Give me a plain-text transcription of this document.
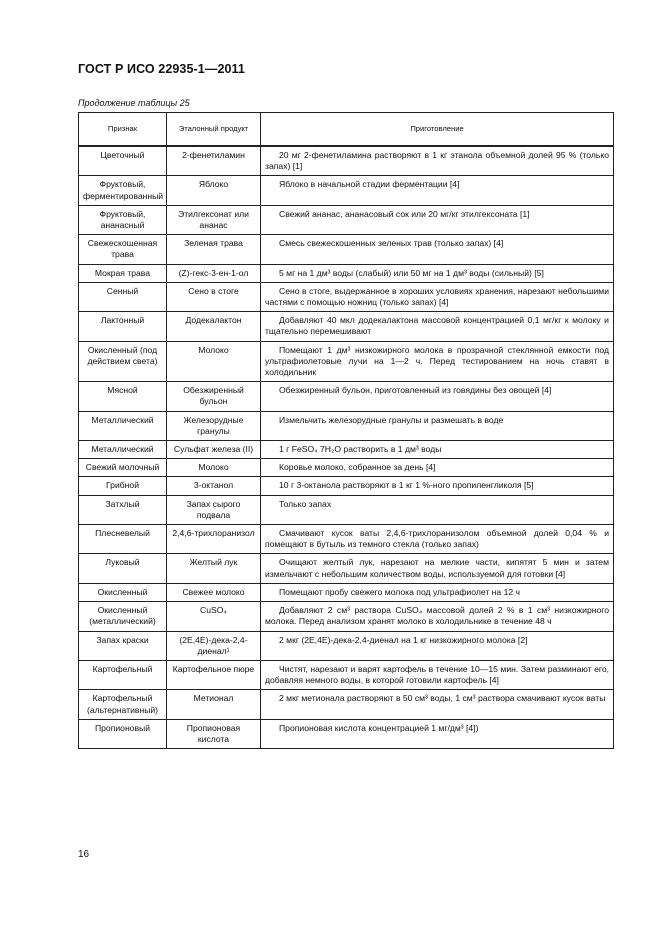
ГОСТ Р ИСО 22935-1—2011
Продолжение таблицы 25
Признак	Эталонный продукт	Приготовление
Цветочный	2-фенетиламин	20 мг 2-фенетиламина растворяют в 1 кг этанола объемной долей 95 % (только запах) [1]
Фруктовый, ферментированный	Яблоко	Яблоко в начальной стадии ферментации [4]
Фруктовый, ананасный	Этилгексонат или ананас	Свежий ананас, ананасовый сок или 20 мг/кг этилгексоната [1]
Свежескошенная трава	Зеленая трава	Смесь свежескошенных зеленых трав (только запах) [4]
Мокрая трава	(Z)-гекс-3-ен-1-ол	5 мг на 1 дм³ воды (слабый) или 50 мг на 1 дм³ воды (сильный) [5]
Сенный	Сено в стоге	Сено в стоге, выдержанное в хороших условиях хранения, нарезают небольшими частями с помощью ножниц (только запах) [4]
Лактонный	Додекалактон	Добавляют 40 мкл додекалактона массовой концентрацией 0,1 мг/кг к молоку и тщательно перемешивают
Окисленный (под действием света)	Молоко	Помещают 1 дм³ низкожирного молока в прозрачной стеклянной емкости под ультрафиолетовые лучи на 1—2 ч. Перед тестированием на ночь ставят в холодильник
Мясной	Обезжиренный бульон	Обезжиренный бульон, приготовленный из говядины без овощей [4]
Металлический	Железорудные гранулы	Измельчить железорудные гранулы и размешать в воде
Металлический	Сульфат железа (II)	1 г FeSO₄ 7H₂O растворить в 1 дм³ воды
Свежий молочный	Молоко	Коровье молоко, собранное за день [4]
Грибной	3-октанол	10 г 3-октанола растворяют в 1 кг 1 %-ного пропиленгликоля [5]
Затхлый	Запах сырого подвала	Только запах
Плесневелый	2,4,6-трихлоранизол	Смачивают кусок ваты 2,4,6-трихлоранизолом объемной долей 0,04 % и помещают в бутыль из темного стекла (только запах)
Луковый	Желтый лук	Очищают желтый лук, нарезают на мелкие части, кипятят 5 мин и затем измельчают с небольшим количеством воды, используемой для готовки [4]
Окисленный	Свежее молоко	Помещают пробу свежего молока под ультрафиолет на 12 ч
Окисленный (металлический)	CuSO₄	Добавляют 2 см³ раствора CuSO₄ массовой долей 2 % в 1 см³ низкожирного молока. Перед анализом хранят молоко в холодильнике в течение 48 ч
Запах краски	(2E,4E)-дека-2,4-диенал¹	2 мкг (2E,4E)-дека-2,4-диенал на 1 кг низкожирного молока [2]
Картофельный	Картофельное пюре	Чистят, нарезают и варят картофель в течение 10—15 мин. Затем разминают его, добавляя немного воды, в которой готовили картофель [4]
Картофельный (альтернативный)	Метионал	2 мкг метионала растворяют в 50 см³ воды, 1 см³ раствора смачивают кусок ваты
Пропионовый	Пропионовая кислота	Пропионовая кислота концентрацией 1 мг/дм³ [4])
16
